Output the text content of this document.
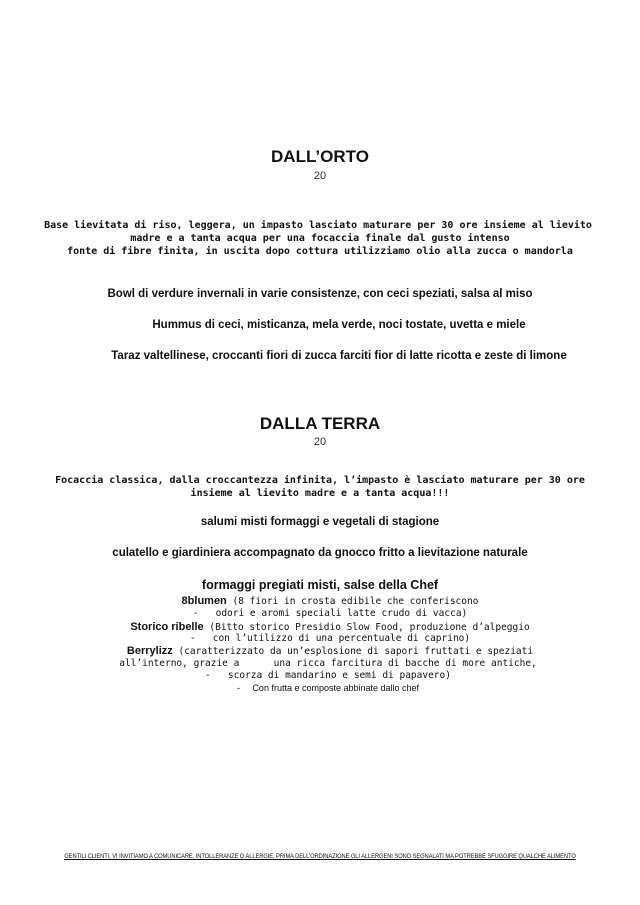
DALL’ORTO
20
Base lievitata di riso, leggera, un impasto lasciato maturare per 30 ore insieme al lievito
madre e a tanta acqua per una focaccia finale dal gusto intenso
fonte di fibre finita, in uscita dopo cottura utilizziamo olio alla zucca o mandorla
Bowl di verdure invernali in varie consistenze, con ceci speziati, salsa al miso
Hummus di ceci, misticanza, mela verde, noci tostate, uvetta e miele
Taraz valtellinese, croccanti fiori di zucca farciti fior di latte ricotta e zeste di limone
DALLA TERRA
20
Focaccia classica, dalla croccantezza infinita, l’impasto è lasciato maturare per 30 ore
insieme al lievito madre e a tanta acqua!!!
salumi misti formaggi e vegetali di stagione
culatello e giardiniera accompagnato da gnocco fritto a lievitazione naturale
formaggi pregiati misti, salse della Chef
8blumen (8 fiori in crosta edibile che conferiscono
-   odori e aromi speciali latte crudo di vacca)
Storico ribelle (Bitto storico Presidio Slow Food, produzione d’alpeggio
-   con l’utilizzo di una percentuale di caprino)
Berrylizz (caratterizzato da un’esplosione di sapori fruttati e speziati
all’interno, grazie a      una ricca farcitura di bacche di more antiche,
-   scorza di mandarino e semi di papavero)
-     Con frutta e composte abbinate dallo chef
GENTILI CLIENTI, VI INVITIAMO A COMUNICARE, INTOLLERANZE O ALLERGIE, PRIMA DELL’ORDINAZIONE GLI ALLERGENI SONO SEGNALATI MA POTREBBE SFUGGIRE QUALCHE ALIMENTO
